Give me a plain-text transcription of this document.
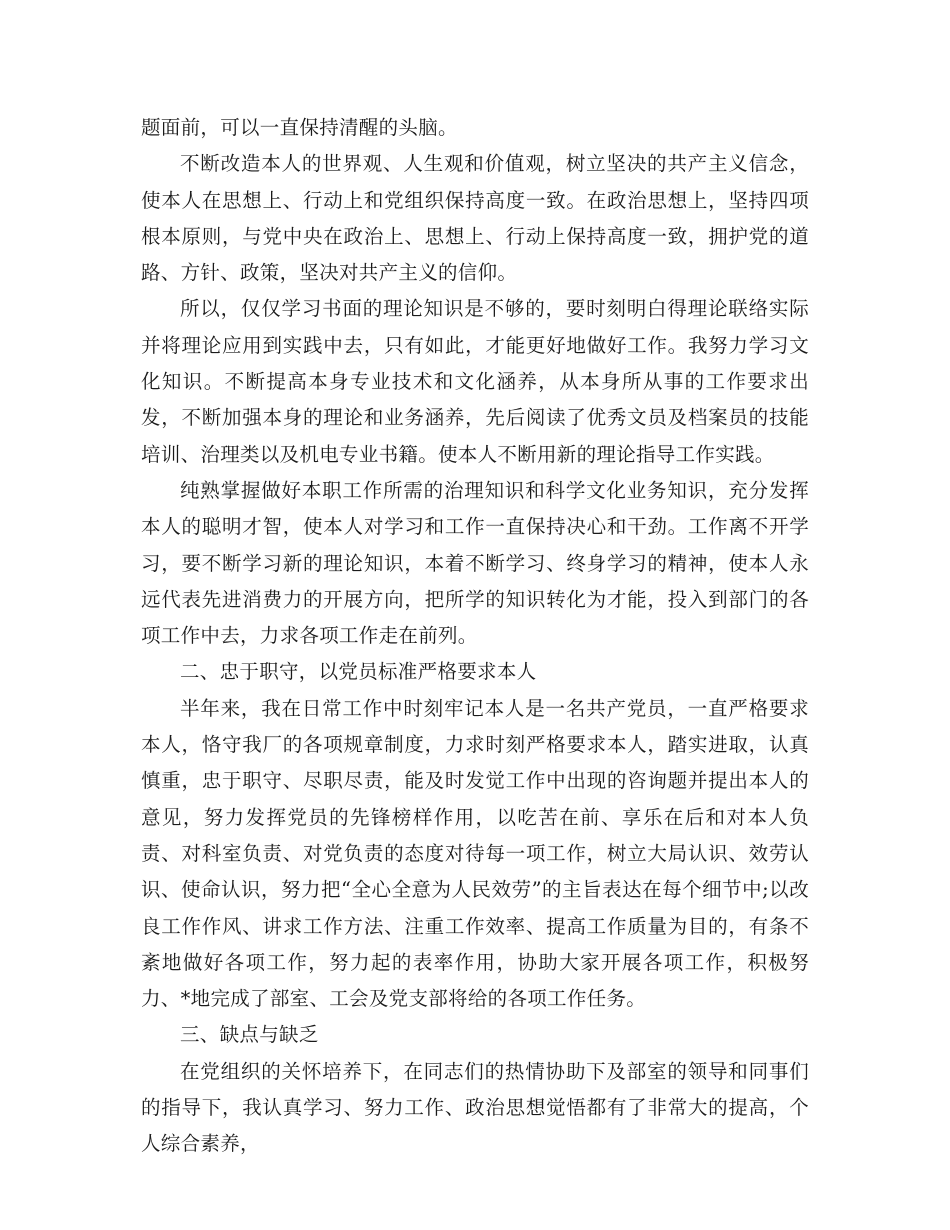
题面前，可以一直保持清醒的头脑。

不断改造本人的世界观、人生观和价值观，树立坚决的共产主义信念，使本人在思想上、行动上和党组织保持高度一致。在政治思想上，坚持四项根本原则，与党中央在政治上、思想上、行动上保持高度一致，拥护党的道路、方针、政策，坚决对共产主义的信仰。

所以，仅仅学习书面的理论知识是不够的，要时刻明白得理论联络实际并将理论应用到实践中去，只有如此，才能更好地做好工作。我努力学习文化知识。不断提高本身专业技术和文化涵养，从本身所从事的工作要求出发，不断加强本身的理论和业务涵养，先后阅读了优秀文员及档案员的技能培训、治理类以及机电专业书籍。使本人不断用新的理论指导工作实践。

纯熟掌握做好本职工作所需的治理知识和科学文化业务知识，充分发挥本人的聪明才智，使本人对学习和工作一直保持决心和干劲。工作离不开学习，要不断学习新的理论知识，本着不断学习、终身学习的精神，使本人永远代表先进消费力的开展方向，把所学的知识转化为才能，投入到部门的各项工作中去，力求各项工作走在前列。

二、忠于职守，以党员标准严格要求本人

半年来，我在日常工作中时刻牢记本人是一名共产党员，一直严格要求本人，恪守我厂的各项规章制度，力求时刻严格要求本人，踏实进取，认真慎重，忠于职守、尽职尽责，能及时发觉工作中出现的咨询题并提出本人的意见，努力发挥党员的先锋榜样作用，以吃苦在前、享乐在后和对本人负责、对科室负责、对党负责的态度对待每一项工作，树立大局认识、效劳认识、使命认识，努力把“全心全意为人民效劳”的主旨表达在每个细节中;以改良工作作风、讲求工作方法、注重工作效率、提高工作质量为目的，有条不紊地做好各项工作，努力起的表率作用，协助大家开展各项工作，积极努力、*地完成了部室、工会及党支部将给的各项工作任务。

三、缺点与缺乏

在党组织的关怀培养下，在同志们的热情协助下及部室的领导和同事们的指导下，我认真学习、努力工作、政治思想觉悟都有了非常大的提高，个人综合素养，
